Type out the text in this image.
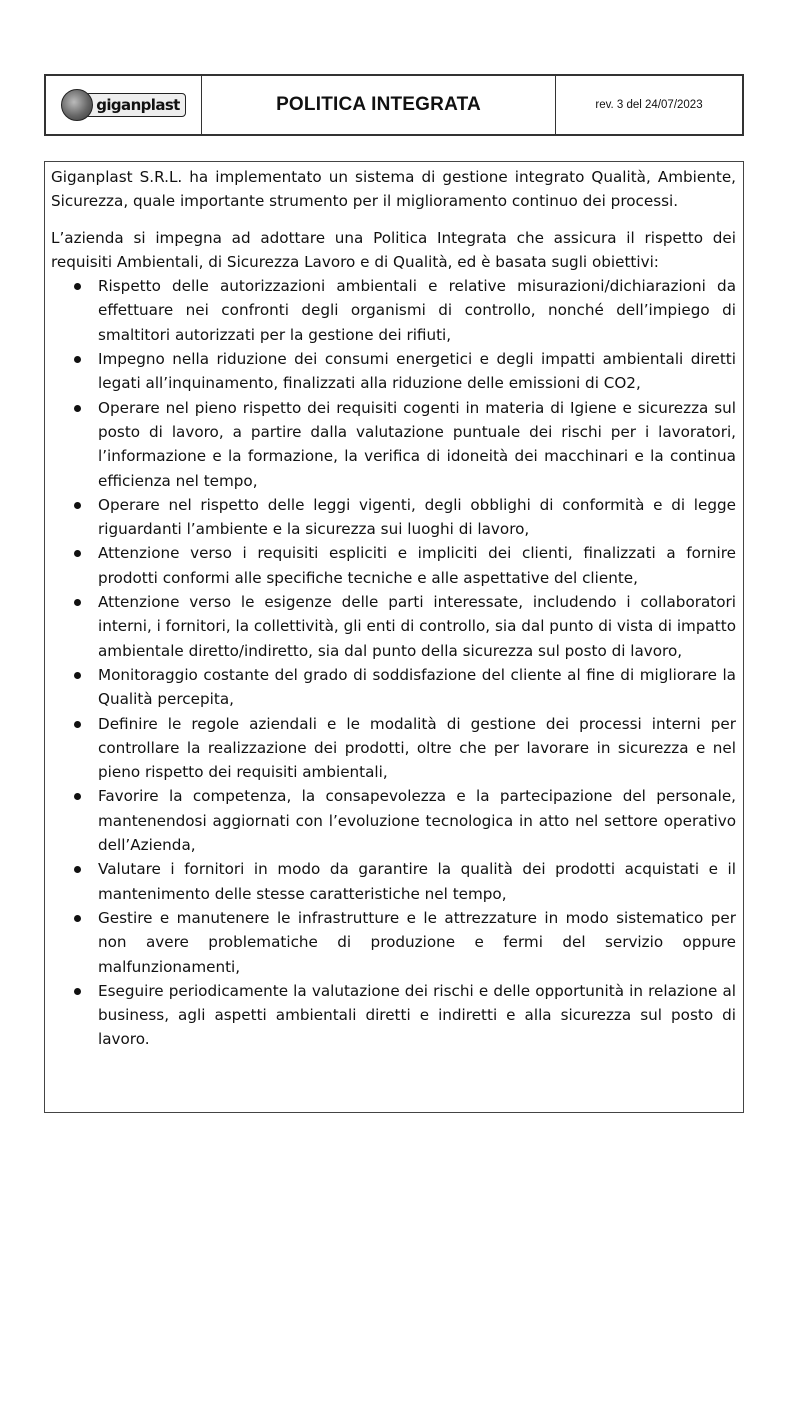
giganplast	POLITICA INTEGRATA	rev. 3 del 24/07/2023

Giganplast S.R.L. ha implementato un sistema di gestione integrato Qualità, Ambiente, Sicurezza, quale importante strumento per il miglioramento continuo dei processi.

L’azienda si impegna ad adottare una Politica Integrata che assicura il rispetto dei requisiti Ambientali, di Sicurezza Lavoro e di Qualità, ed è basata sugli obiettivi:

Rispetto delle autorizzazioni ambientali e relative misurazioni/dichiarazioni da effettuare nei confronti degli organismi di controllo, nonché dell’impiego di smaltitori autorizzati per la gestione dei rifiuti,
Impegno nella riduzione dei consumi energetici e degli impatti ambientali diretti legati all’inquinamento, finalizzati alla riduzione delle emissioni di CO2,
Operare nel pieno rispetto dei requisiti cogenti in materia di Igiene e sicurezza sul posto di lavoro, a partire dalla valutazione puntuale dei rischi per i lavoratori, l’informazione e la formazione, la verifica di idoneità dei macchinari e la continua efficienza nel tempo,
Operare nel rispetto delle leggi vigenti, degli obblighi di conformità e di legge riguardanti l’ambiente e la sicurezza sui luoghi di lavoro,
Attenzione verso i requisiti espliciti e impliciti dei clienti, finalizzati a fornire prodotti conformi alle specifiche tecniche e alle aspettative del cliente,
Attenzione verso le esigenze delle parti interessate, includendo i collaboratori interni, i fornitori, la collettività, gli enti di controllo, sia dal punto di vista di impatto ambientale diretto/indiretto, sia dal punto della sicurezza sul posto di lavoro,
Monitoraggio costante del grado di soddisfazione del cliente al fine di migliorare la Qualità percepita,
Definire le regole aziendali e le modalità di gestione dei processi interni per controllare la realizzazione dei prodotti, oltre che per lavorare in sicurezza e nel pieno rispetto dei requisiti ambientali,
Favorire la competenza, la consapevolezza e la partecipazione del personale, mantenendosi aggiornati con l’evoluzione tecnologica in atto nel settore operativo dell’Azienda,
Valutare i fornitori in modo da garantire la qualità dei prodotti acquistati e il mantenimento delle stesse caratteristiche nel tempo,
Gestire e manutenere le infrastrutture e le attrezzature in modo sistematico per non avere problematiche di produzione e fermi del servizio oppure malfunzionamenti,
Eseguire periodicamente la valutazione dei rischi e delle opportunità in relazione al business, agli aspetti ambientali diretti e indiretti e alla sicurezza sul posto di lavoro.
